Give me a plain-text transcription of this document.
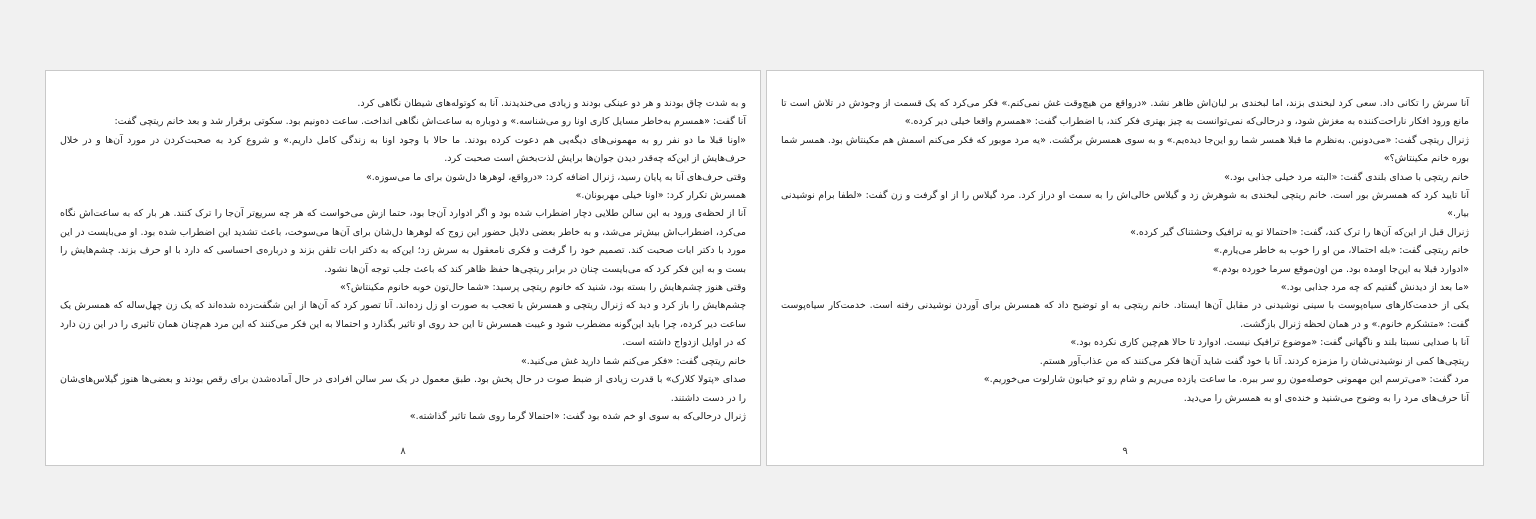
و به شدت چاق بودند و هر دو عینکی بودند و زیادی می‌خندیدند. آنا به کوتوله‌های شیطان نگاهی کرد.

آنا گفت: «همسرم به‌خاطر مسایل کاری اونا رو می‌شناسه.» و دوباره به ساعت‌اش نگاهی انداخت. ساعت ده‌ونیم بود. سکوتی برقرار شد و بعد خانم ریتچی گفت:

«اونا قبلا ما دو نفر رو به مهمونی‌های دیگه‌یی هم دعوت کرده بودند. ما حالا با وجود اونا به زندگی کامل داریم.» و شروع کرد به صحبت‌کردن در مورد آن‌ها و در خلال حرف‌هایش از این‌که چه‌قدر دیدن جوان‌ها برایش لذت‌بخش است صحبت کرد.

وقتی حرف‌های آنا به پایان رسید، ژنرال اضافه کرد: «درواقع، لوهرها دل‌شون برای ما می‌سوزه.»

همسرش تکرار کرد: «اونا خیلی مهربونان.»

آنا از لحظه‌ی ورود به این سالن طلایی دچار اضطراب شده بود و اگر ادوارد آن‌جا بود، حتما ازش می‌خواست که هر چه سریع‌تر آن‌جا را ترک کنند. هر بار که به ساعت‌اش نگاه می‌کرد، اضطراب‌اش بیش‌تر می‌شد، و به خاطر بعضی دلایل حضور این زوج که لوهرها دل‌شان برای آن‌ها می‌سوخت، باعث تشدید این اضطراب شده بود. او می‌بایست در این مورد با دکتر ابات صحبت کند. تصمیم خود را گرفت و فکری نامعقول به سرش زد؛ این‌که به دکتر ابات تلفن بزند و درباره‌ی احساسی که دارد با او حرف بزند. چشم‌هایش را بست و به این فکر کرد که می‌بایست چنان در برابر ریتچی‌ها حفظ ظاهر کند که باعث جلب توجه آن‌ها نشود.

وقتی هنوز چشم‌هایش را بسته بود، شنید که خانوم ریتچی پرسید: «شما حال‌تون خوبه خانوم مکینتاش؟»

چشم‌هایش را باز کرد و دید که ژنرال ریتچی و همسرش با تعجب به صورت او زل زده‌اند. آنا تصور کرد که آن‌ها از این شگفت‌زده شده‌اند که یک زن چهل‌ساله که همسرش یک ساعت دیر کرده، چرا باید این‌گونه مضطرب شود و غیبت همسرش تا این حد روی او تاثیر بگذارد و احتمالا به این فکر می‌کنند که این مرد هم‌چنان همان تاثیری را در این زن دارد که در اوایل ازدواج داشته است.

خانم ریتچی گفت: «فکر می‌کنم شما دارید غش می‌کنید.»

صدای «پتولا کلارک» با قدرت زیادی از ضبط صوت در حال پخش بود. طبق معمول در یک سر سالن افرادی در حال آماده‌شدن برای رقص بودند و بعضی‌ها هنوز گیلاس‌های‌شان را در دست داشتند.

ژنرال درحالی‌که به سوی او خم شده بود گفت: «احتمالا گرما روی شما تاثیر گذاشته.»

۸

آنا سرش را تکانی داد. سعی کرد لبخندی بزند، اما لبخندی بر لبان‌اش ظاهر نشد. «درواقع من هیچ‌وقت غش نمی‌کنم.» فکر می‌کرد که یک قسمت از وجودش در تلاش است تا مانع ورود افکار ناراحت‌کننده به مغزش شود، و درحالی‌که نمی‌توانست به چیز بهتری فکر کند، با اضطراب گفت: «همسرم واقعا خیلی دیر کرده.»

ژنرال ریتچی گفت: «می‌دونین. به‌نظرم ما قبلا همسر شما رو این‌جا دیده‌یم.» و به سوی همسرش برگشت. «یه مرد موبور که فکر می‌کنم اسمش هم مکینتاش بود. همسر شما بوره خانم مکینتاش؟»

خانم ریتچی با صدای بلندی گفت: «البته مرد خیلی جذابی بود.»

آنا تایید کرد که همسرش بور است. خانم ریتچی لبخندی به شوهرش زد و گیلاس خالی‌اش را به سمت او دراز کرد. مرد گیلاس را از او گرفت و زن گفت: «لطفا برام نوشیدنی بیار.»

ژنرال قبل از این‌که آن‌ها را ترک کند، گفت: «احتمالا تو یه ترافیک وحشتناک گیر کرده.»

خانم ریتچی گفت: «بله احتمالا، من او را خوب به خاطر می‌یارم.»

«ادوارد قبلا به این‌جا اومده بود. من اون‌موقع سرما خورده بودم.»

«ما بعد از دیدنش گفتیم که چه مرد جذابی بود.»

یکی از خدمت‌کارهای سیاه‌پوست با سینی نوشیدنی در مقابل آن‌ها ایستاد. خانم ریتچی به او توضیح داد که همسرش برای آوردن نوشیدنی رفته است. خدمت‌کار سیاه‌پوست گفت: «متشکرم خانوم.» و در همان لحظه ژنرال بازگشت.

آنا با صدایی نسبتا بلند و ناگهانی گفت: «موضوع ترافیک نیست. ادوارد تا حالا هم‌چین کاری نکرده بود.»

ریتچی‌ها کمی از نوشیدنی‌شان را مزمزه کردند. آنا با خود گفت شاید آن‌ها فکر می‌کنند که من عذاب‌آور هستم.

مرد گفت: «می‌ترسم این مهمونی حوصله‌مون رو سر ببره. ما ساعت یازده می‌ریم و شام رو تو خیابون شارلوت می‌خوریم.»

آنا حرف‌های مرد را به وضوح می‌شنید و خنده‌ی او به همسرش را می‌دید.

۹
